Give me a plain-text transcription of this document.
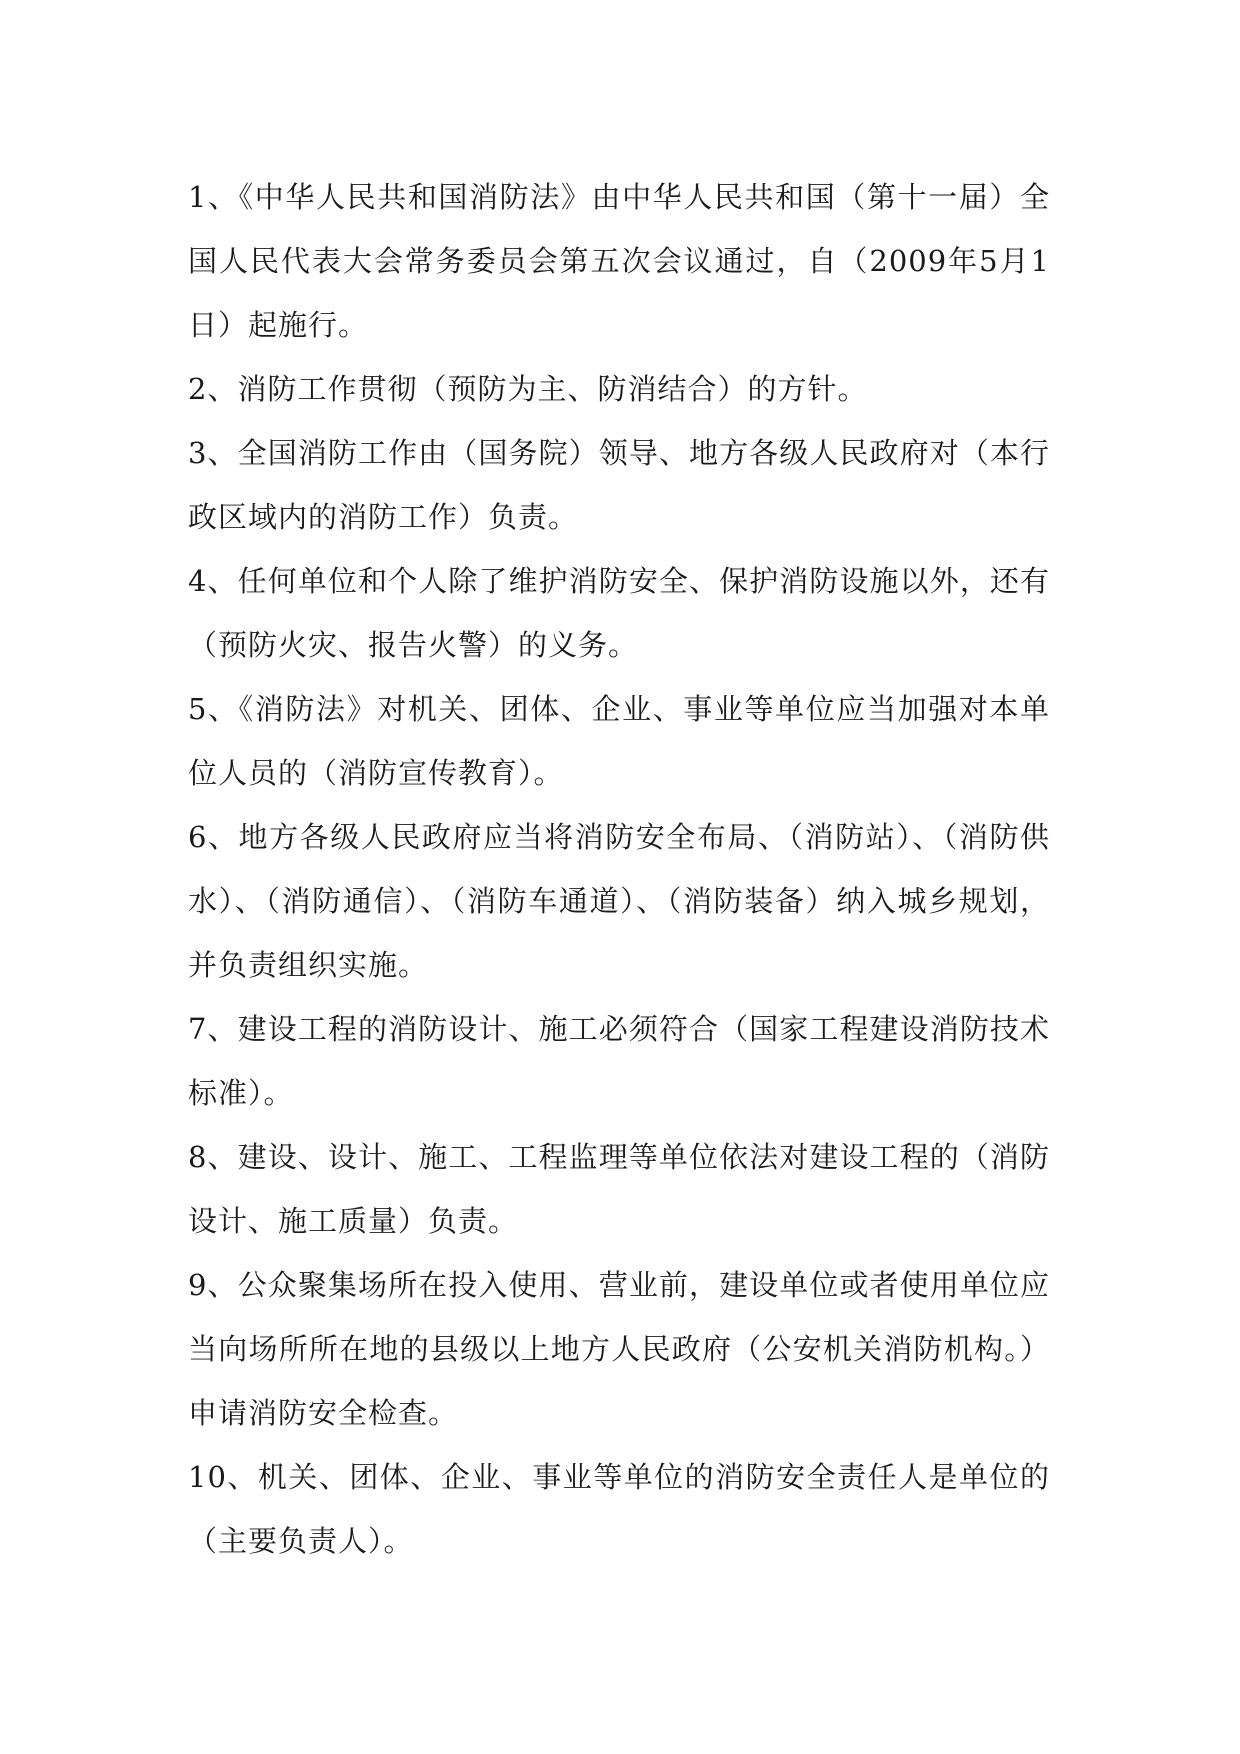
1、《中华人民共和国消防法》由中华人民共和国（第十一届）全国人民代表大会常务委员会第五次会议通过，自（2009年5月1日）起施行。

2、消防工作贯彻（预防为主、防消结合）的方针。

3、全国消防工作由（国务院）领导、地方各级人民政府对（本行政区域内的消防工作）负责。

4、任何单位和个人除了维护消防安全、保护消防设施以外，还有（预防火灾、报告火警）的义务。

5、《消防法》对机关、团体、企业、事业等单位应当加强对本单位人员的（消防宣传教育）。

6、地方各级人民政府应当将消防安全布局、（消防站）、（消防供水）、（消防通信）、（消防车通道）、（消防装备）纳入城乡规划，并负责组织实施。

7、建设工程的消防设计、施工必须符合（国家工程建设消防技术标准）。

8、建设、设计、施工、工程监理等单位依法对建设工程的（消防设计、施工质量）负责。

9、公众聚集场所在投入使用、营业前，建设单位或者使用单位应当向场所所在地的县级以上地方人民政府（公安机关消防机构。）申请消防安全检查。

10、机关、团体、企业、事业等单位的消防安全责任人是单位的（主要负责人）。
